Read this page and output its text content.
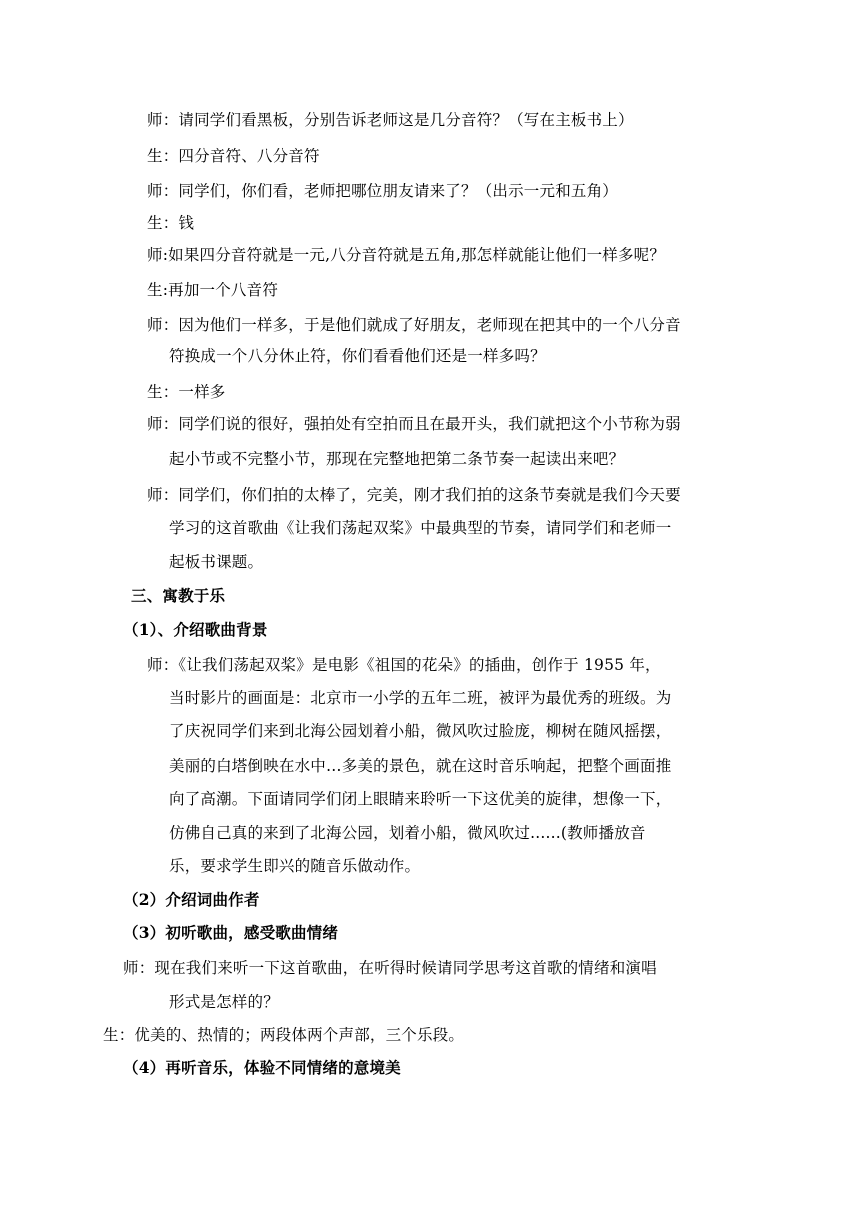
师：请同学们看黑板，分别告诉老师这是几分音符？（写在主板书上）
生：四分音符、八分音符
师：同学们，你们看，老师把哪位朋友请来了？（出示一元和五角）
生：钱
师:如果四分音符就是一元,八分音符就是五角,那怎样就能让他们一样多呢？
生:再加一个八音符
师：因为他们一样多，于是他们就成了好朋友，老师现在把其中的一个八分音
符换成一个八分休止符，你们看看他们还是一样多吗？
生：一样多
师：同学们说的很好，强拍处有空拍而且在最开头，我们就把这个小节称为弱
起小节或不完整小节，那现在完整地把第二条节奏一起读出来吧？
师：同学们，你们拍的太棒了，完美，刚才我们拍的这条节奏就是我们今天要
学习的这首歌曲《让我们荡起双桨》中最典型的节奏，请同学们和老师一
起板书课题。
三、寓教于乐
（1）、介绍歌曲背景
师：《让我们荡起双桨》是电影《祖国的花朵》的插曲，创作于 1955 年，
当时影片的画面是：北京市一小学的五年二班，被评为最优秀的班级。为
了庆祝同学们来到北海公园划着小船，微风吹过脸庞，柳树在随风摇摆，
美丽的白塔倒映在水中…多美的景色，就在这时音乐响起，把整个画面推
向了高潮。下面请同学们闭上眼睛来聆听一下这优美的旋律，想像一下，
仿佛自己真的来到了北海公园，划着小船，微风吹过......(教师播放音
乐，要求学生即兴的随音乐做动作。
（2）介绍词曲作者
（3）初听歌曲，感受歌曲情绪
师：现在我们来听一下这首歌曲，在听得时候请同学思考这首歌的情绪和演唱
形式是怎样的？
生：优美的、热情的；两段体两个声部，三个乐段。
（4）再听音乐，体验不同情绪的意境美
